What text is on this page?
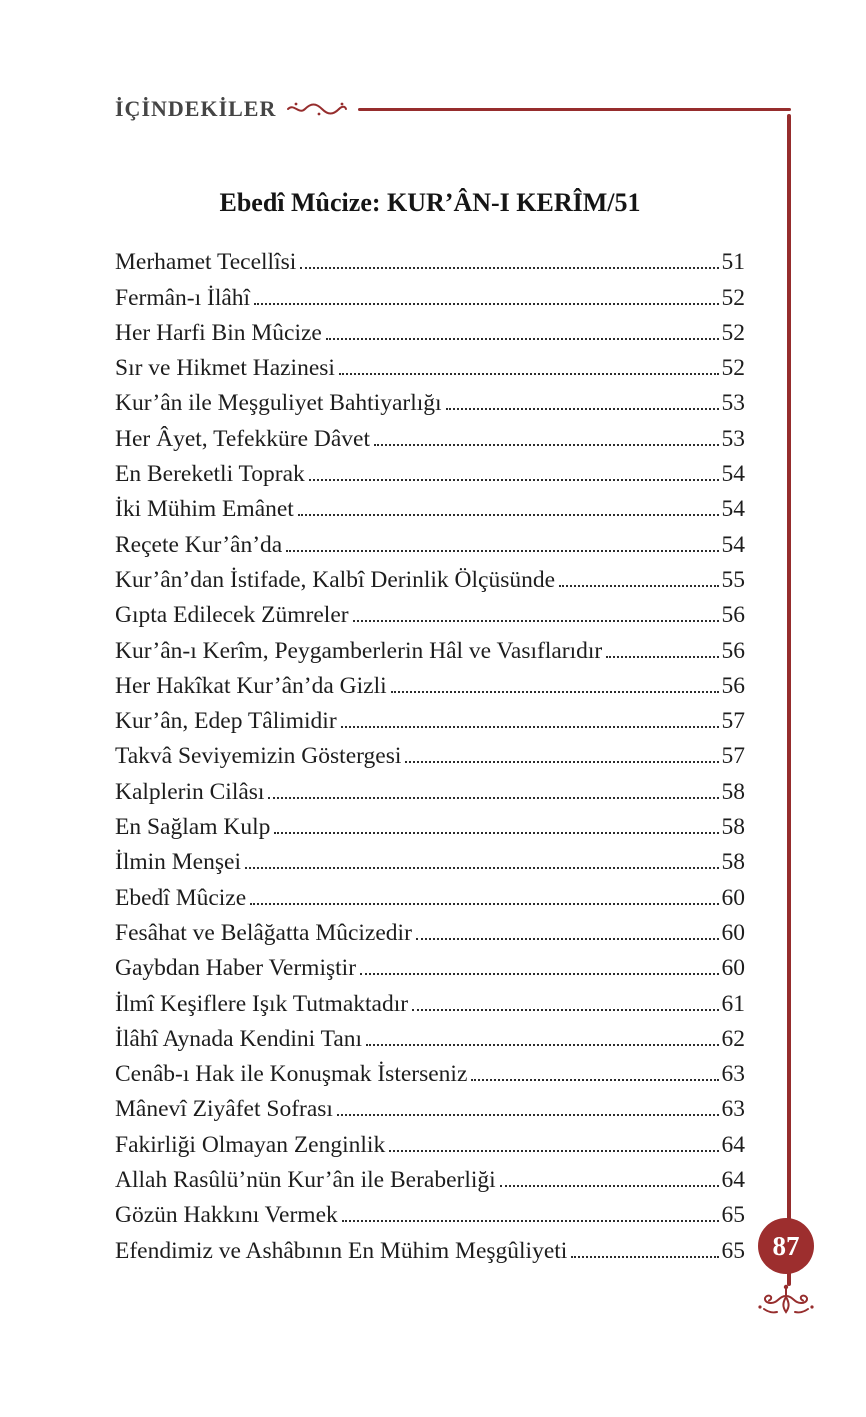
İÇİNDEKİLER
Ebedî Mûcize: KUR’ÂN-I KERÎM/51
Merhamet Tecellîsi	51
Fermân-ı İlâhî	52
Her Harfi Bin Mûcize	52
Sır ve Hikmet Hazinesi	52
Kur’ân ile Meşguliyet Bahtiyarlığı	53
Her Âyet, Tefekküre Dâvet	53
En Bereketli Toprak	54
İki Mühim Emânet	54
Reçete Kur’ân’da	54
Kur’ân’dan İstifade, Kalbî Derinlik Ölçüsünde	55
Gıpta Edilecek Zümreler	56
Kur’ân-ı Kerîm, Peygamberlerin Hâl ve Vasıflarıdır	56
Her Hakîkat Kur’ân’da Gizli	56
Kur’ân, Edep Tâlimidir	57
Takvâ Seviyemizin Göstergesi	57
Kalplerin Cilâsı	58
En Sağlam Kulp	58
İlmin Menşei	58
Ebedî Mûcize	60
Fesâhat ve Belâğatta Mûcizedir	60
Gaybdan Haber Vermiştir	60
İlmî Keşiflere Işık Tutmaktadır	61
İlâhî Aynada Kendini Tanı	62
Cenâb-ı Hak ile Konuşmak İsterseniz	63
Mânevî Ziyâfet Sofrası	63
Fakirliği Olmayan Zenginlik	64
Allah Rasûlü’nün Kur’ân ile Beraberliği	64
Gözün Hakkını Vermek	65
Efendimiz ve Ashâbının En Mühim Meşgûliyeti	65	87
